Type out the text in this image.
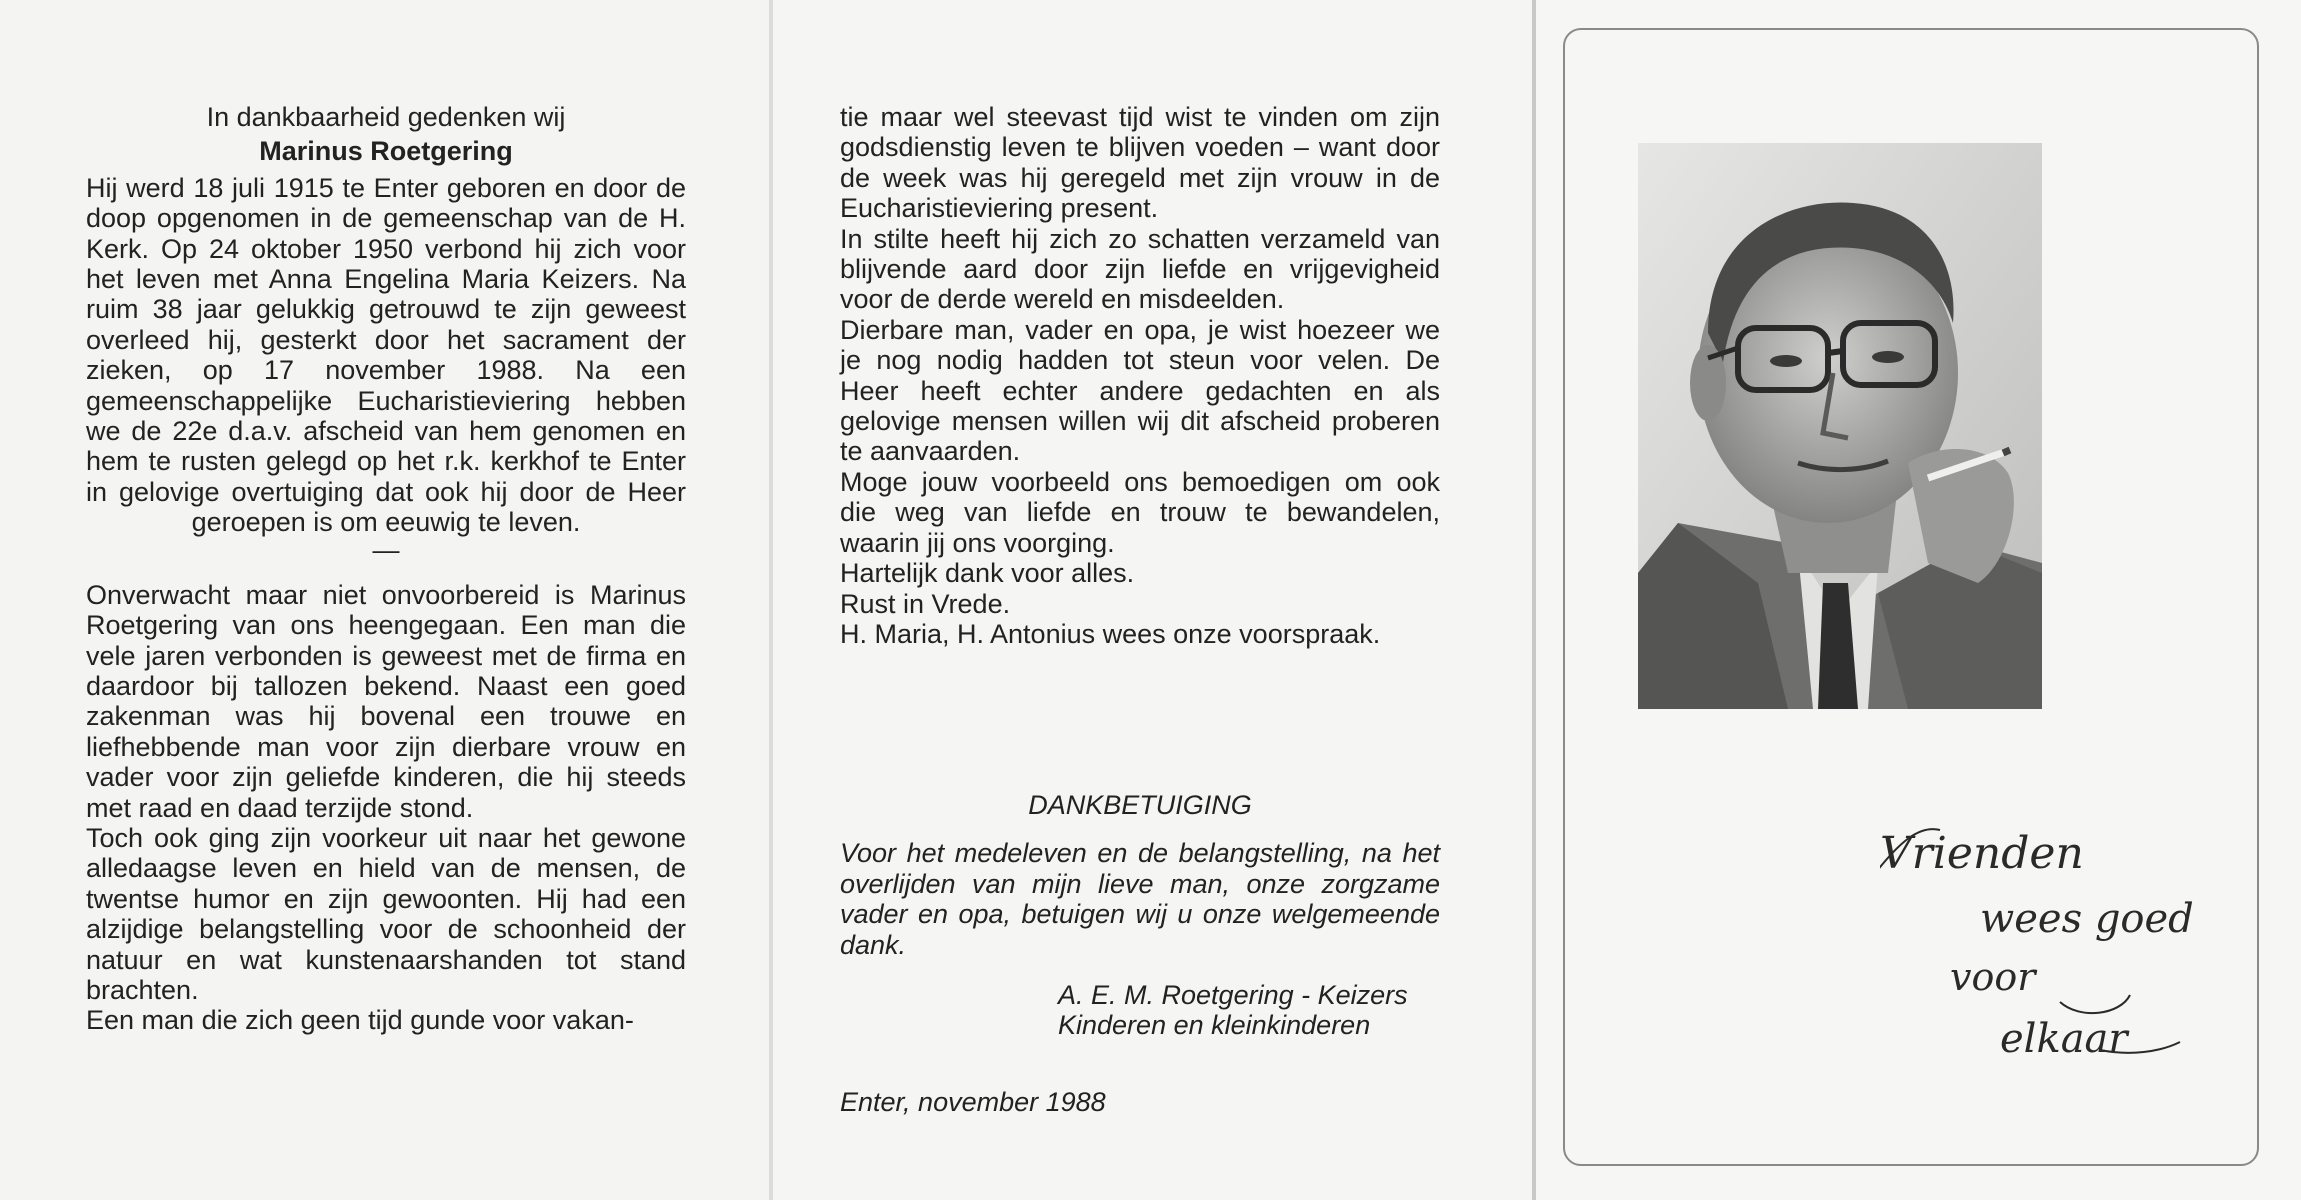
In dankbaarheid gedenken wij

Marinus Roetgering

Hij werd 18 juli 1915 te Enter geboren en door de doop opgenomen in de gemeenschap van de H. Kerk. Op 24 oktober 1950 verbond hij zich voor het leven met Anna Engelina Maria Keizers. Na ruim 38 jaar gelukkig getrouwd te zijn geweest overleed hij, gesterkt door het sacrament der zieken, op 17 november 1988. Na een gemeenschappelijke Eucharistieviering hebben we de 22e d.a.v. afscheid van hem genomen en hem te rusten gelegd op het r.k. kerkhof te Enter in gelovige overtuiging dat ook hij door de Heer geroepen is om eeuwig te leven.

—

Onverwacht maar niet onvoorbereid is Marinus Roetgering van ons heengegaan. Een man die vele jaren verbonden is geweest met de firma en daardoor bij tallozen bekend. Naast een goed zakenman was hij bovenal een trouwe en liefhebbende man voor zijn dierbare vrouw en vader voor zijn geliefde kinderen, die hij steeds met raad en daad terzijde stond.

Toch ook ging zijn voorkeur uit naar het gewone alledaagse leven en hield van de mensen, de twentse humor en zijn gewoonten. Hij had een alzijdige belangstelling voor de schoonheid der natuur en wat kunstenaarshanden tot stand brachten.

Een man die zich geen tijd gunde voor vakan-

tie maar wel steevast tijd wist te vinden om zijn godsdienstig leven te blijven voeden – want door de week was hij geregeld met zijn vrouw in de Eucharistieviering present.

In stilte heeft hij zich zo schatten verzameld van blijvende aard door zijn liefde en vrijgevigheid voor de derde wereld en misdeelden.

Dierbare man, vader en opa, je wist hoezeer we je nog nodig hadden tot steun voor velen. De Heer heeft echter andere gedachten en als gelovige mensen willen wij dit afscheid proberen te aanvaarden.

Moge jouw voorbeeld ons bemoedigen om ook die weg van liefde en trouw te bewandelen, waarin jij ons voorging.

Hartelijk dank voor alles.

Rust in Vrede.

H. Maria, H. Antonius wees onze voorspraak.

DANKBETUIGING

Voor het medeleven en de belangstelling, na het overlijden van mijn lieve man, onze zorgzame vader en opa, betuigen wij u onze welgemeende dank.

A. E. M. Roetgering - Keizers
Kinderen en kleinkinderen

Enter, november 1988

Vrienden
wees goed
voor
elkaar
